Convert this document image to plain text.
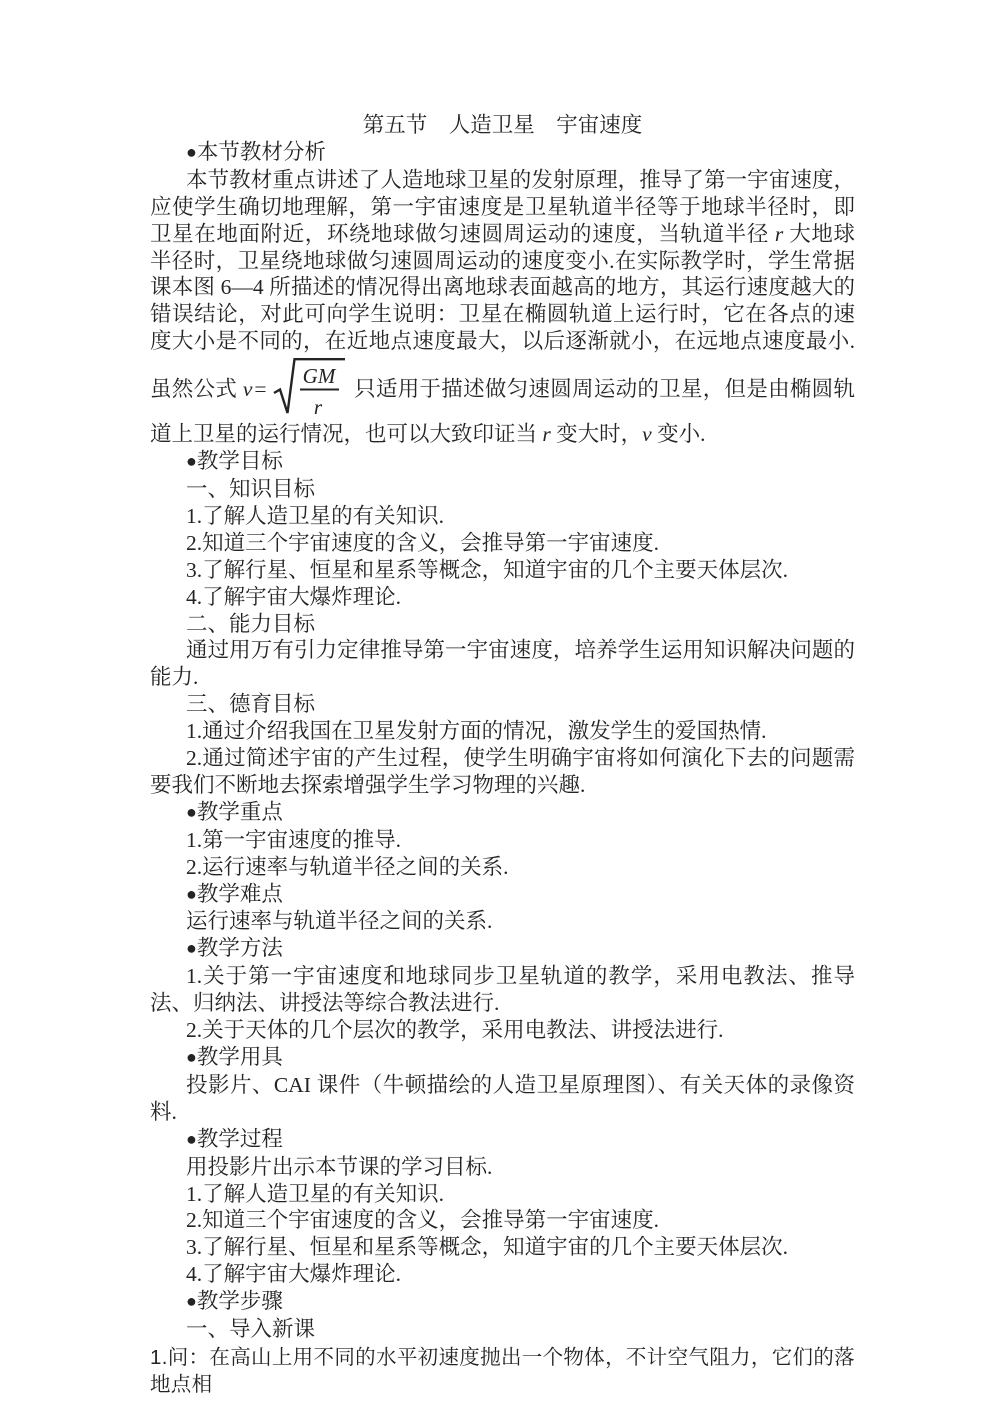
第五节　人造卫星　宇宙速度

●本节教材分析

本节教材重点讲述了人造地球卫星的发射原理，推导了第一宇宙速度，应使学生确切地理解，第一宇宙速度是卫星轨道半径等于地球半径时，即卫星在地面附近，环绕地球做匀速圆周运动的速度，当轨道半径 r 大地球半径时，卫星绕地球做匀速圆周运动的速度变小.在实际教学时，学生常据课本图 6—4 所描述的情况得出离地球表面越高的地方，其运行速度越大的错误结论，对此可向学生说明：卫星在椭圆轨道上运行时，它在各点的速度大小是不同的，在近地点速度最大，以后逐渐就小，在远地点速度最小.虽然公式 v=
GM
r
只适用于描述做匀速圆周运动的卫星，但是由椭圆轨道上卫星的运行情况，也可以大致印证当 r 变大时，v 变小.

●教学目标

一、知识目标

1.了解人造卫星的有关知识.

2.知道三个宇宙速度的含义，会推导第一宇宙速度.

3.了解行星、恒星和星系等概念，知道宇宙的几个主要天体层次.

4.了解宇宙大爆炸理论.

二、能力目标

通过用万有引力定律推导第一宇宙速度，培养学生运用知识解决问题的能力.

三、德育目标

1.通过介绍我国在卫星发射方面的情况，激发学生的爱国热情.

2.通过简述宇宙的产生过程，使学生明确宇宙将如何演化下去的问题需要我们不断地去探索增强学生学习物理的兴趣.

●教学重点

1.第一宇宙速度的推导.

2.运行速率与轨道半径之间的关系.

●教学难点

运行速率与轨道半径之间的关系.

●教学方法

1.关于第一宇宙速度和地球同步卫星轨道的教学，采用电教法、推导法、归纳法、讲授法等综合教法进行.

2.关于天体的几个层次的教学，采用电教法、讲授法进行.

●教学用具

投影片、CAI 课件（牛顿描绘的人造卫星原理图）、有关天体的录像资料.

●教学过程

用投影片出示本节课的学习目标.

1.了解人造卫星的有关知识.

2.知道三个宇宙速度的含义，会推导第一宇宙速度.

3.了解行星、恒星和星系等概念，知道宇宙的几个主要天体层次.

4.了解宇宙大爆炸理论.

●教学步骤

一、导入新课

1.问：在高山上用不同的水平初速度抛出一个物体，不计空气阻力，它们的落地点相
